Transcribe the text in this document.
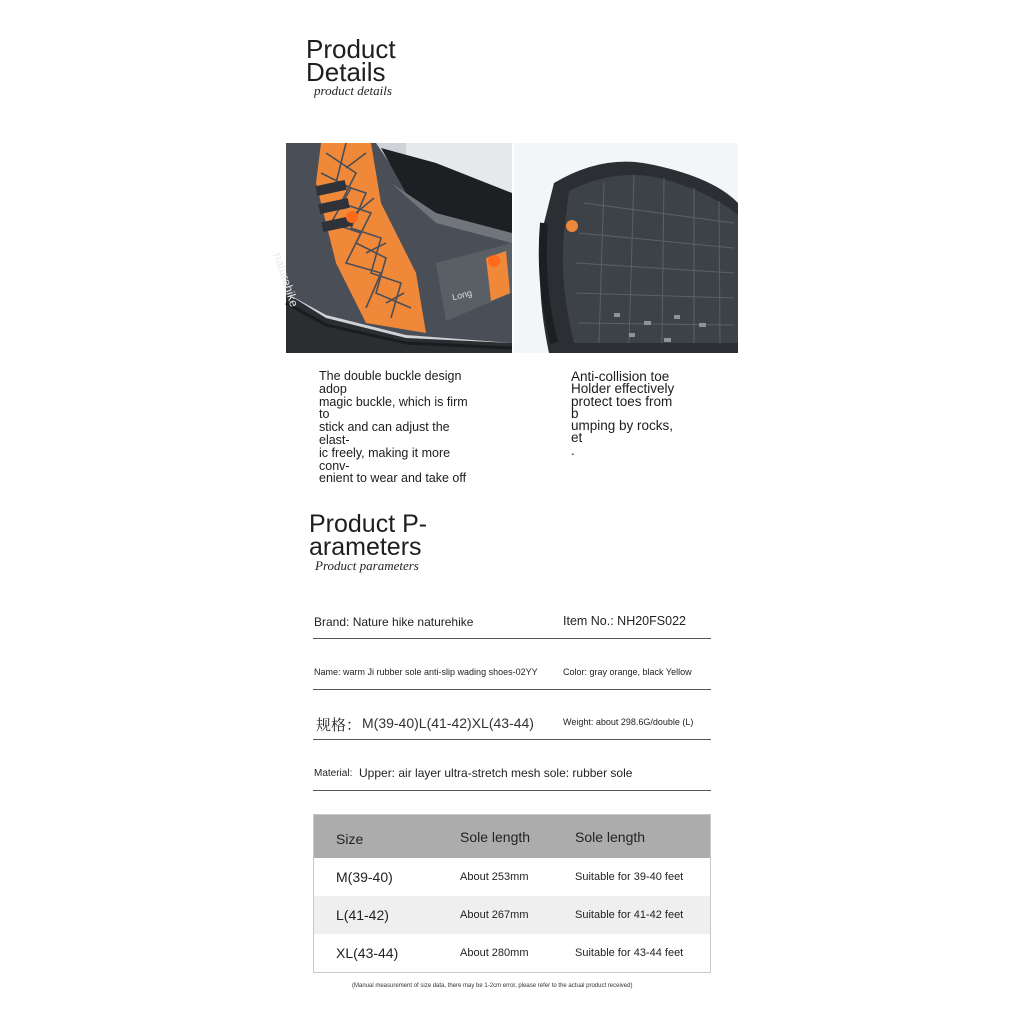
Product
Details
product details
naturehike	Long
The double buckle design adop
magic buckle, which is firm to
stick and can adjust the elast-
ic freely, making it more conv-
enient to wear and take off
Anti-collision toe
Holder effectively
protect toes from b
umping by rocks, et
.
Product P-
arameters
Product parameters
Brand: Nature hike naturehike	Item No.: NH20FS022
Name: warm Ji rubber sole anti-slip wading shoes-02YY	Color: gray orange, black Yellow
规格： M(39-40)L(41-42)XL(43-44)	Weight: about 298.6G/double (L)
Material: Upper: air layer ultra-stretch mesh sole: rubber sole
Size	Sole length	Sole length
M(39-40)	About 253mm	Suitable for 39-40 feet
L(41-42)	About 267mm	Suitable for 41-42 feet
XL(43-44)	About 280mm	Suitable for 43-44 feet
(Manual measurement of size data, there may be 1-2cm error, please refer to the actual product received)
